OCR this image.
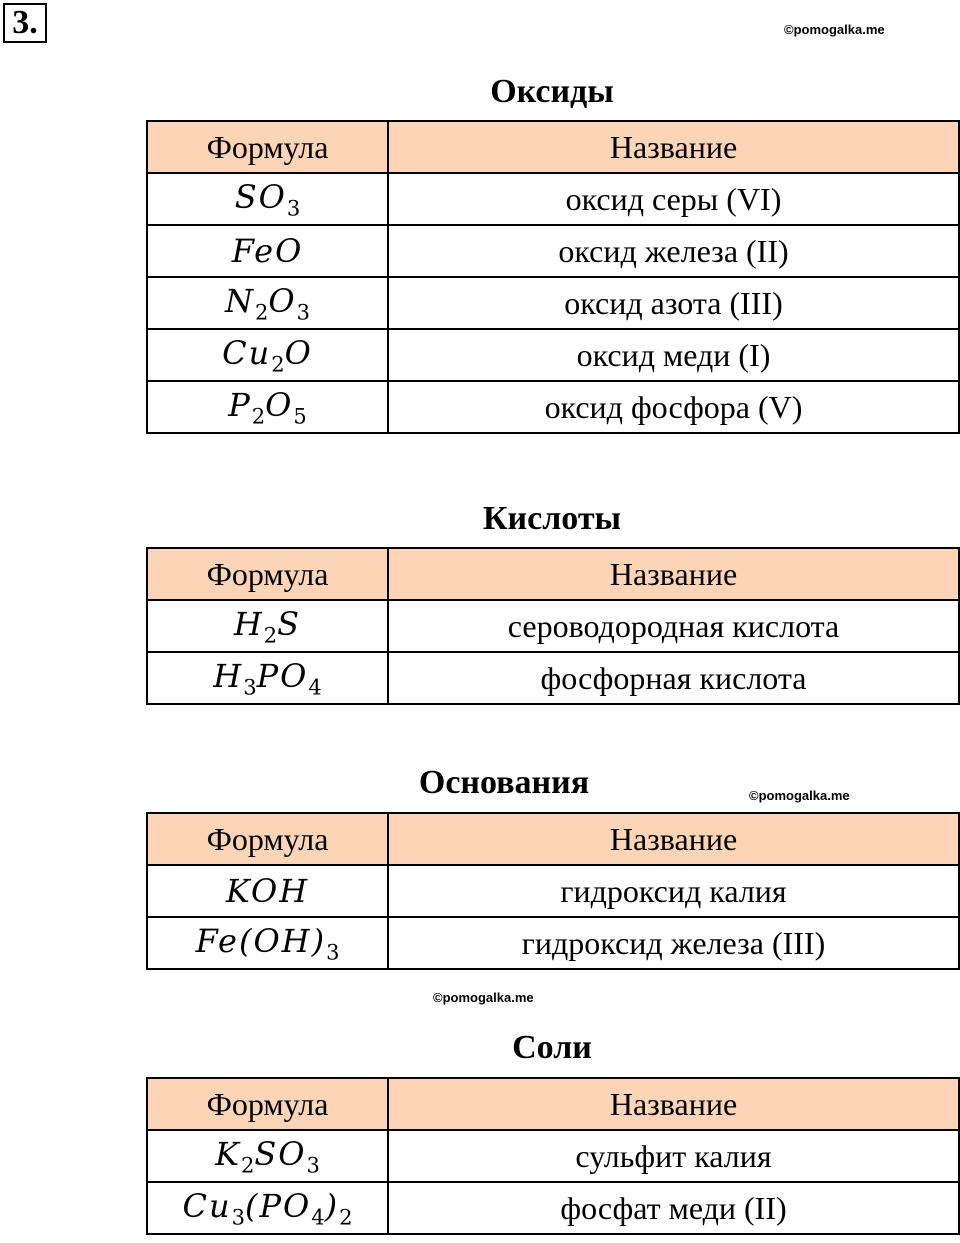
3.	©pomogalka.me
©pomogalka.me
©pomogalka.me
Оксиды
Формула	Название
$SO_3$	оксид серы (VI)
FeO	оксид железа (II)
$N_2O_3$	оксид азота (III)
$Cu_2O$	оксид меди (I)
$P_2O_5$	оксид фосфора (V)
Кислоты
Формула	Название
$H_2S$	сероводородная кислота
$H_3PO_4$	фосфорная кислота
Основания
Формула	Название
KOH	гидроксид калия
$Fe(OH)_3$	гидроксид железа (III)
Соли
Формула	Название
$K_2SO_3$	сульфит калия
$Cu_3(PO_4)_2$	фосфат меди (II)
